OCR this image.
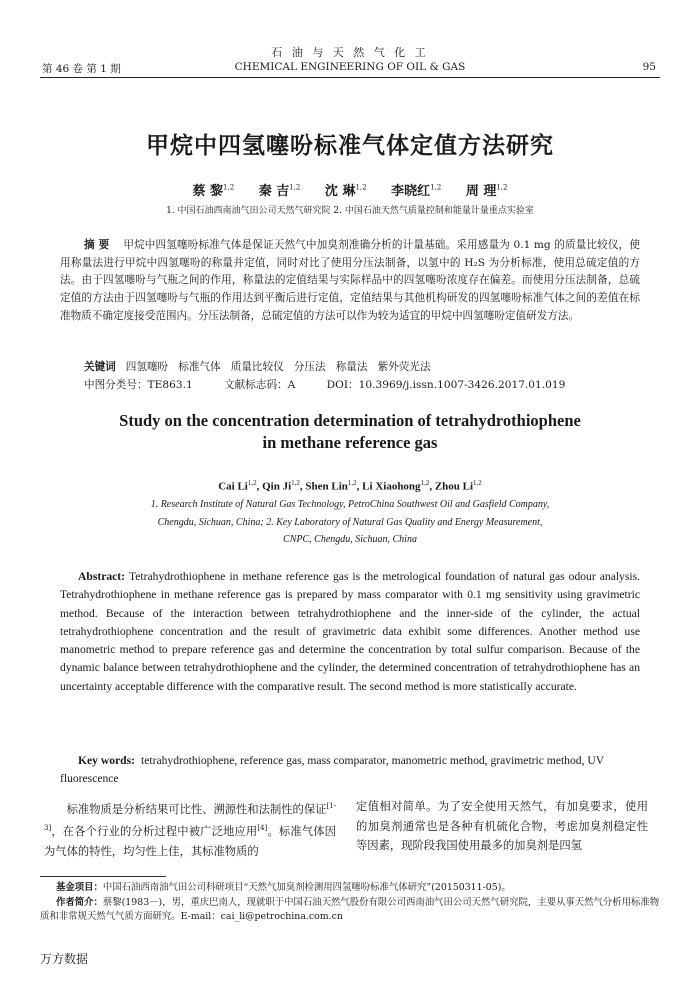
石 油 与 天 然 气 化 工
第 46 卷 第 1 期	CHEMICAL ENGINEERING OF OIL & GAS	95
甲烷中四氢噻吩标准气体定值方法研究
蔡 黎$^{1,2}$ 秦 吉$^{1,2}$ 沈 琳$^{1,2}$ 李晓红$^{1,2}$ 周 理$^{1,2}$
1. 中国石油西南油气田公司天然气研究院 2. 中国石油天然气质量控制和能量计量重点实验室
摘 要 甲烷中四氢噻吩标准气体是保证天然气中加臭剂准确分析的计量基础。采用感量为 0.1 mg 的质量比较仪，使用称量法进行甲烷中四氢噻吩的称量并定值，同时对比了使用分压法制备，以氢中的 H₂S 为分析标准，使用总硫定值的方法。由于四氢噻吩与气瓶之间的作用，称量法的定值结果与实际样品中的四氢噻吩浓度存在偏差。而使用分压法制备，总硫定值的方法由于四氢噻吩与气瓶的作用达到平衡后进行定值，定值结果与其他机构研发的四氢噻吩标准气体之间的差值在标准物质不确定度接受范围内。分压法制备，总硫定值的方法可以作为较为适宜的甲烷中四氢噻吩定值研发方法。
关键词 四氢噻吩   标准气体   质量比较仪   分压法   称量法   紫外荧光法
中图分类号：TE863.1	文献标志码：A	DOI：10.3969/j.issn.1007-3426.2017.01.019
Study on the concentration determination of tetrahydrothiophene
in methane reference gas
Cai Li$^{1,2}$, Qin Ji$^{1,2}$, Shen Lin$^{1,2}$, Li Xiaohong$^{1,2}$, Zhou Li$^{1,2}$
1. Research Institute of Natural Gas Technology, PetroChina Southwest Oil and Gasfield Company,
Chengdu, Sichuan, China; 2. Key Laboratory of Natural Gas Quality and Energy Measurement,
CNPC, Chengdu, Sichuan, China
Abstract: Tetrahydrothiophene in methane reference gas is the metrological foundation of natural gas odour analysis. Tetrahydrothiophene in methane reference gas is prepared by mass comparator with 0.1 mg sensitivity using gravimetric method. Because of the interaction between tetrahydrothiophene and the inner-side of the cylinder, the actual tetrahydrothiophene concentration and the result of gravimetric data exhibit some differences. Another method use manometric method to prepare reference gas and determine the concentration by total sulfur comparison. Because of the dynamic balance between tetrahydrothiophene and the cylinder, the determined concentration of tetrahydrothiophene has an uncertainty acceptable difference with the comparative result. The second method is more statistically accurate.
Key words: tetrahydrothiophene, reference gas, mass comparator, manometric method, gravimetric method, UV fluorescence
标准物质是分析结果可比性、溯源性和法制性的保证[1-3]，在各个行业的分析过程中被广泛地应用[4]。标准气体因为气体的特性，均匀性上佳，其标准物质的
定值相对简单。为了安全使用天然气，有加臭要求，使用的加臭剂通常也是各种有机硫化合物，考虑加臭剂稳定性等因素，现阶段我国使用最多的加臭剂是四氢
基金项目：中国石油西南油气田公司科研项目“天然气加臭剂检测用四氢噻吩标准气体研究”(20150311-05)。
作者简介：蔡黎(1983－)，男，重庆巴南人，现就职于中国石油天然气股份有限公司西南油气田公司天然气研究院，主要从事天然气分析用标准物质和非常规天然气气质方面研究。E-mail：cai_li@petrochina.com.cn
万方数据
